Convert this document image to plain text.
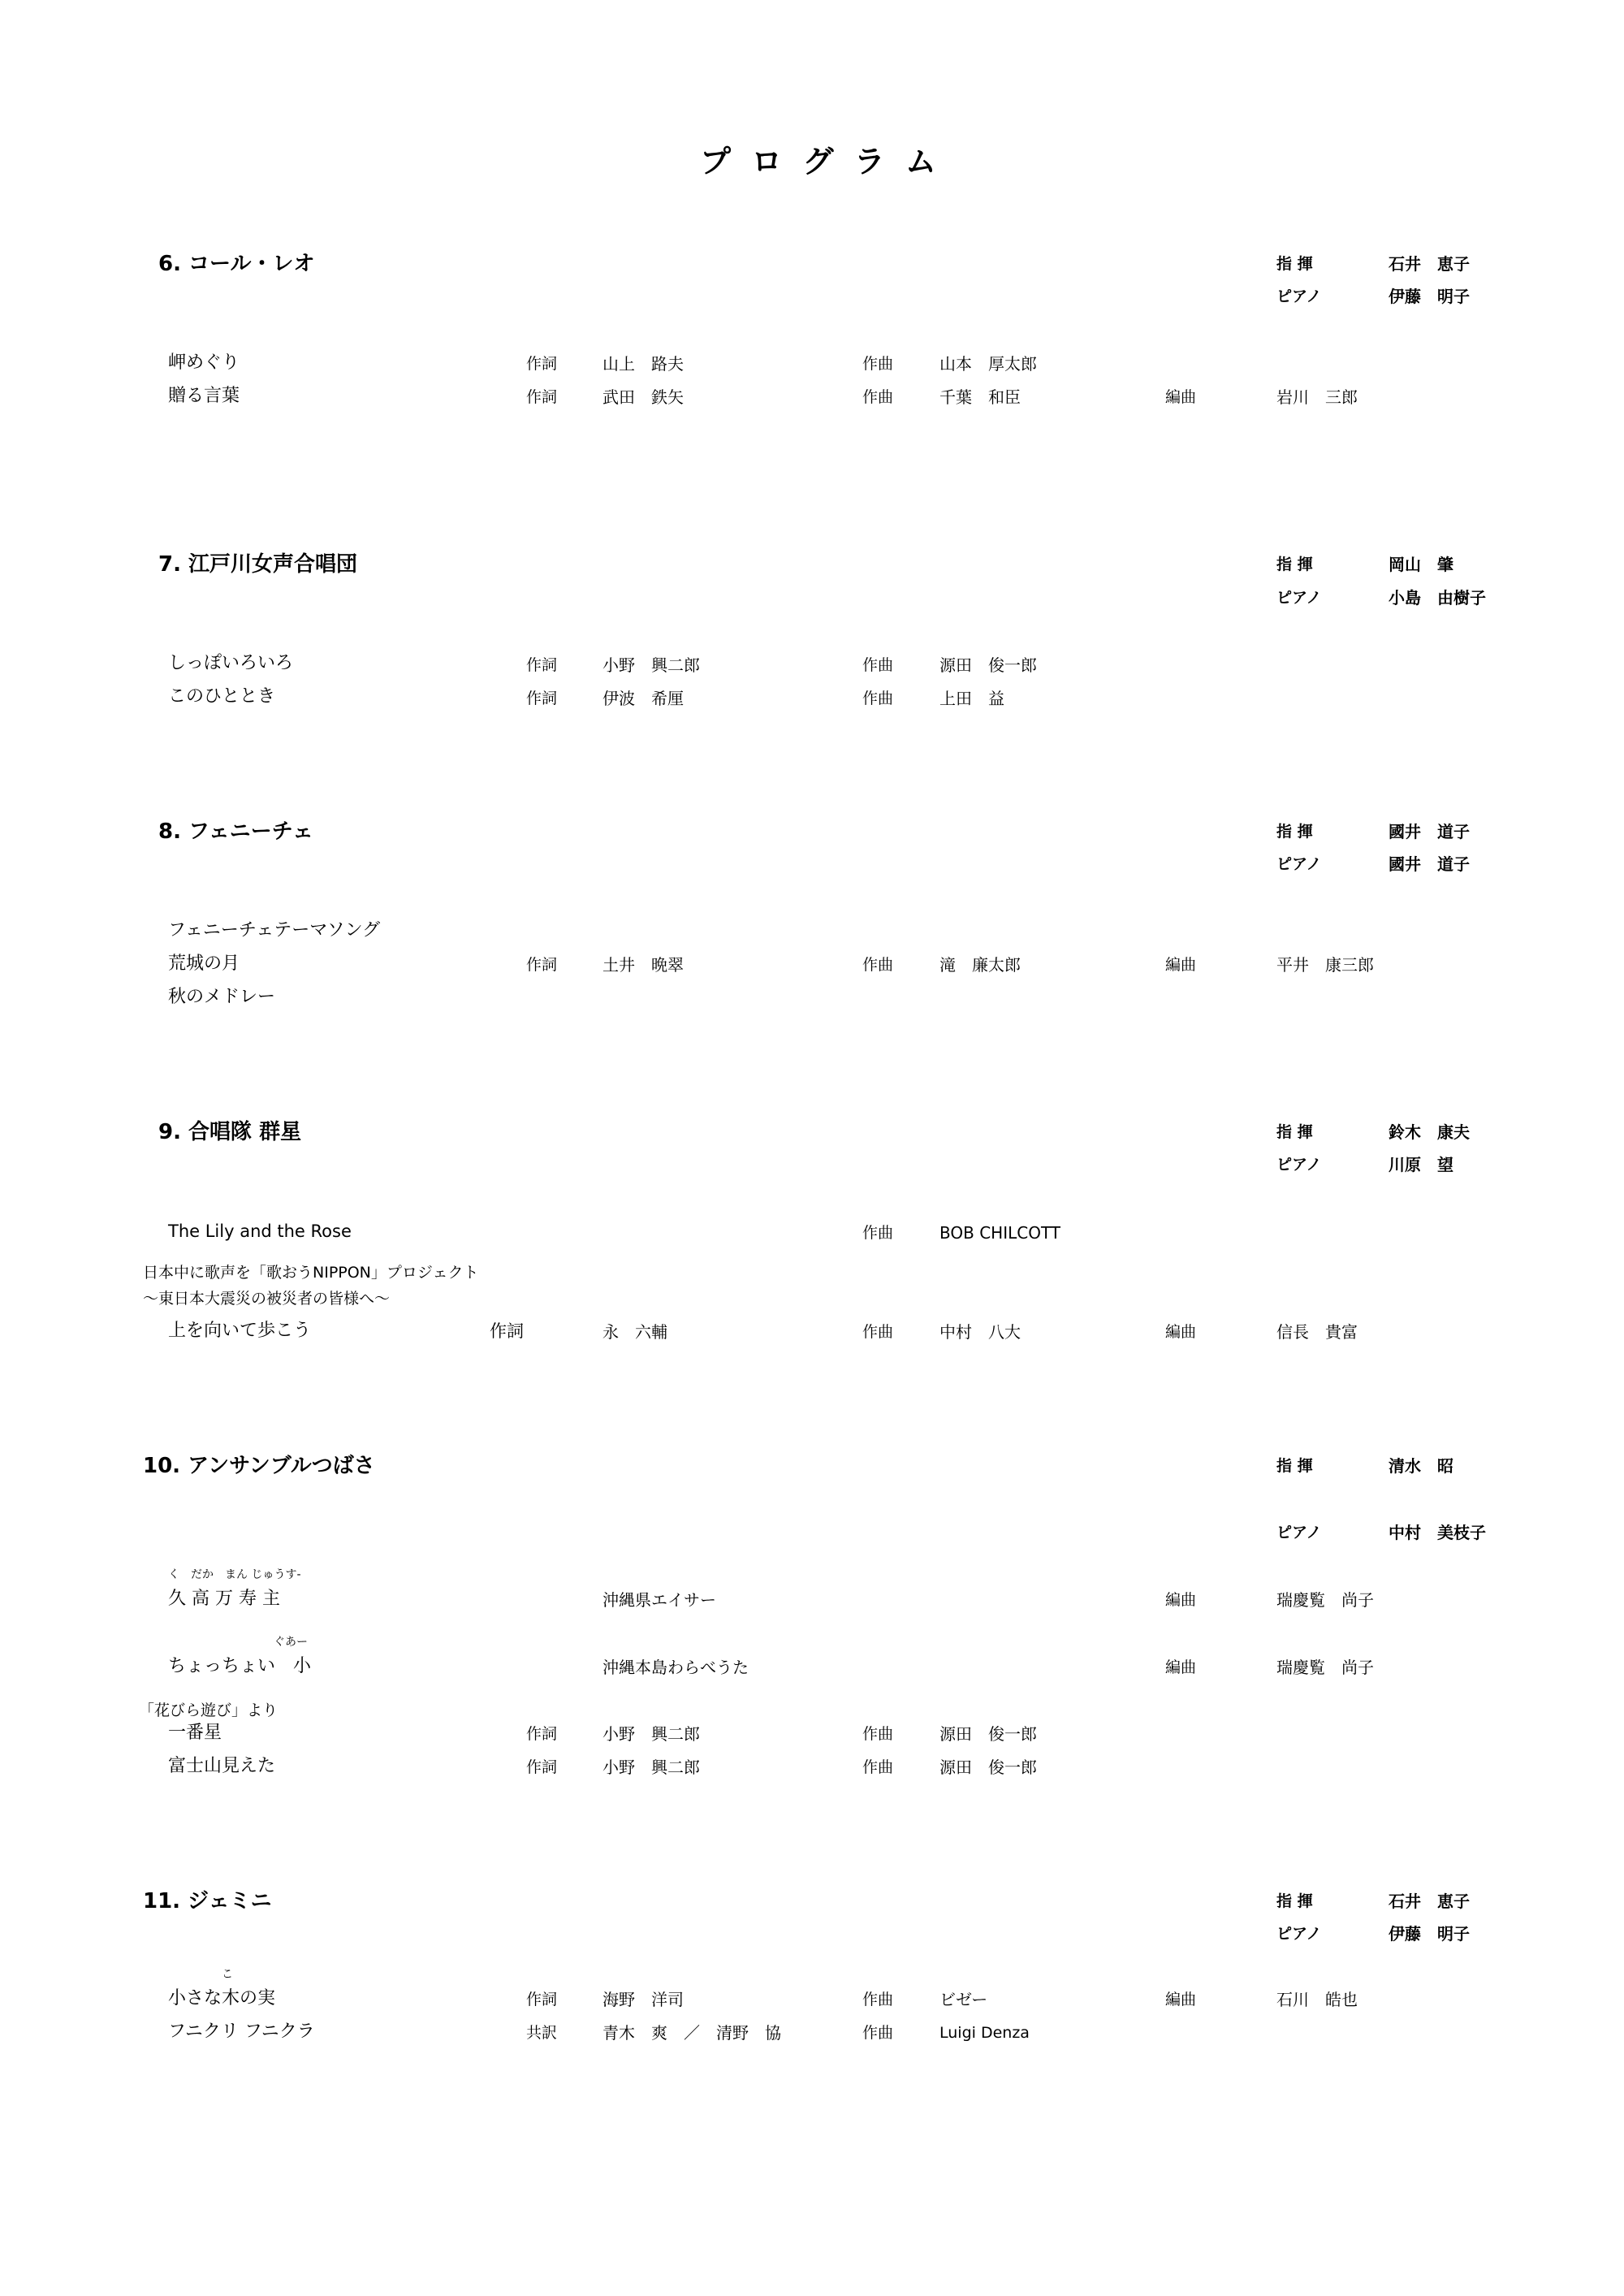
プ ロ グ ラ ム
6. コール・レオ	指 揮	石井　恵子
ピアノ	伊藤　明子
岬めぐり	作詞	山上　路夫	作曲	山本　厚太郎
贈る言葉	作詞	武田　鉄矢	作曲	千葉　和臣	編曲	岩川　三郎
7. 江戸川女声合唱団	指 揮	岡山　肇
ピアノ	小島　由樹子
しっぽいろいろ	作詞	小野　興二郎	作曲	源田　俊一郎
このひととき	作詞	伊波　希厘	作曲	上田　益
8. フェニーチェ	指 揮	國井　道子
ピアノ	國井　道子
フェニーチェテーマソング
荒城の月	作詞	土井　晩翠	作曲	滝　廉太郎	編曲	平井　康三郎
秋のメドレー
9. 合唱隊 群星	指 揮	鈴木　康夫
ピアノ	川原　望
The Lily and the Rose	作曲	BOB CHILCOTT
日本中に歌声を「歌おうNIPPON」プロジェクト
～東日本大震災の被災者の皆様へ～
上を向いて歩こう	作詞	永　六輔	作曲	中村　八大	編曲	信長　貴富
10. アンサンブルつばさ	指 揮	清水　昭
ピアノ	中村　美枝子
く　だか　まん じゅうす-
久 高 万 寿 主	沖縄県エイサー	編曲	瑞慶覧　尚子
ぐあー
ちょっちょい　小	沖縄本島わらべうた	編曲	瑞慶覧　尚子
「花びら遊び」より
一番星	作詞	小野　興二郎	作曲	源田　俊一郎
富士山見えた	作詞	小野　興二郎	作曲	源田　俊一郎
11. ジェミニ	指 揮	石井　恵子
ピアノ	伊藤　明子
こ
小さな木の実	作詞	海野　洋司	作曲	ビゼー	編曲	石川　皓也
フニクリ フニクラ	共訳	青木　爽　／　清野　協	作曲	Luigi Denza
